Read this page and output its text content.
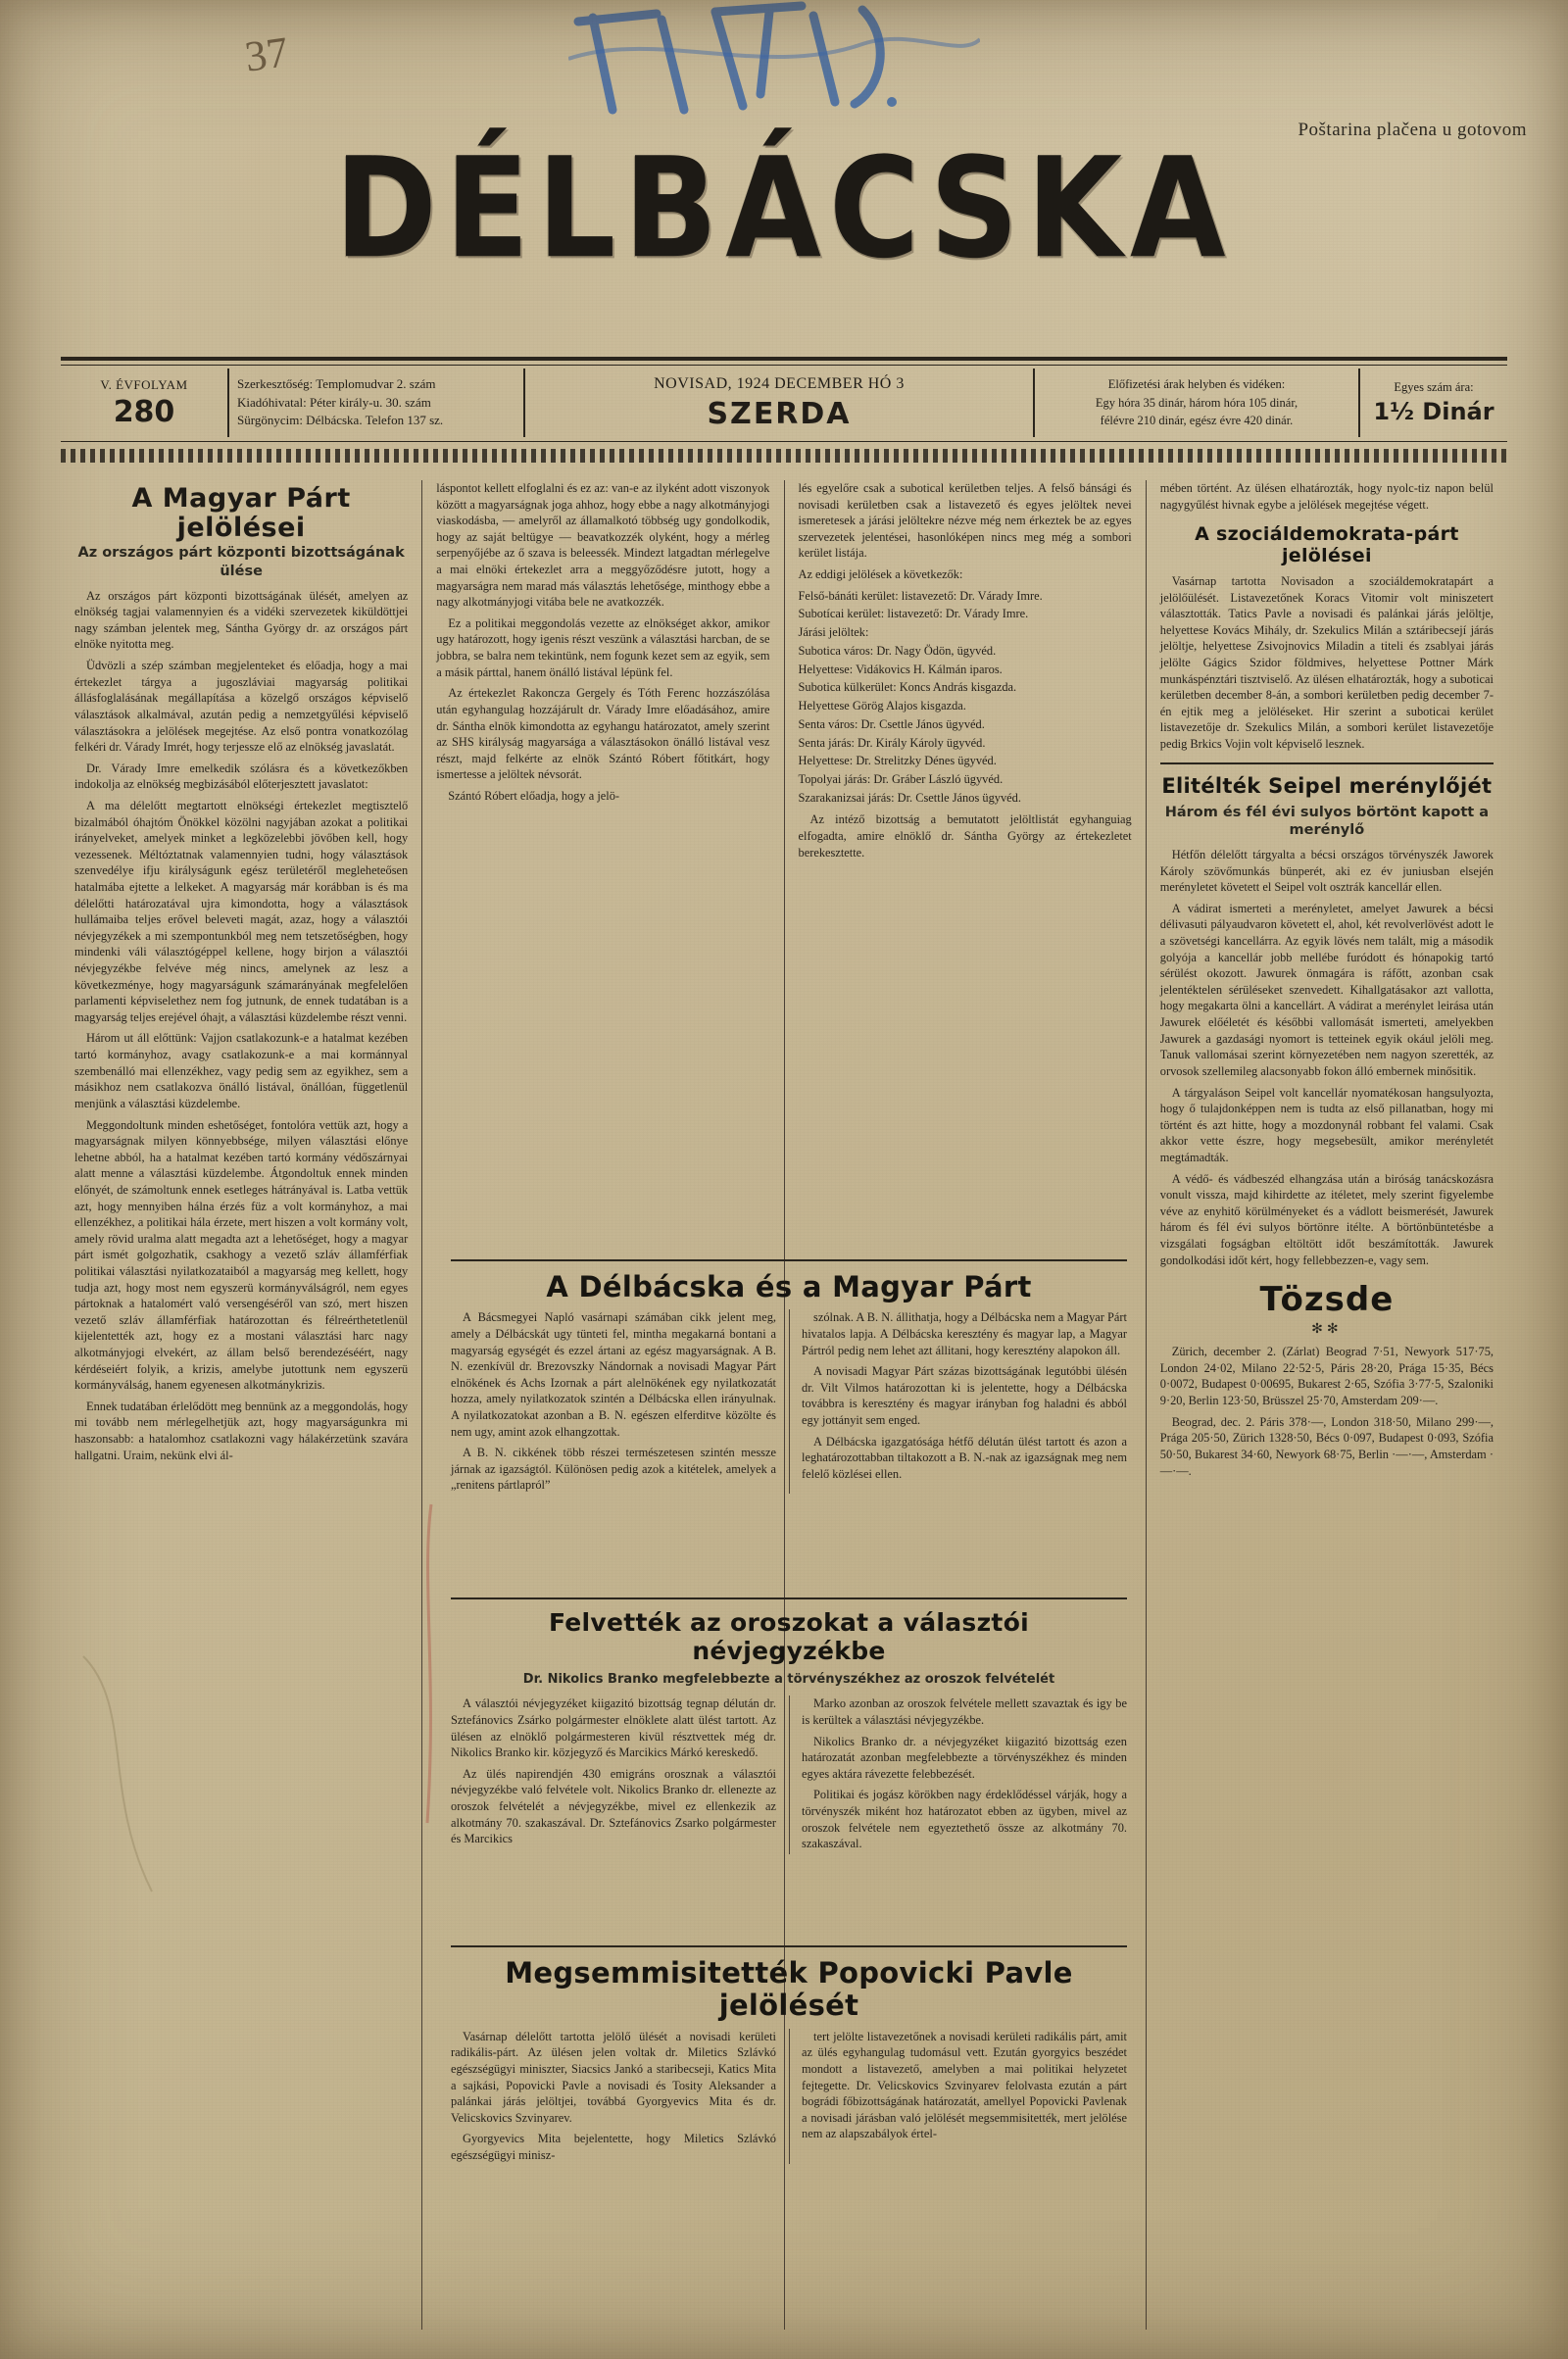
37
Poštarina plačena u gotovom
DÉLBÁCSKA
V. ÉVFOLYAM
280
Szerkesztőség: Templomudvar 2. szám
Kiadóhivatal: Péter király-u. 30. szám
Sürgönycim: Délbácska. Telefon 137 sz.
NOVISAD, 1924 DECEMBER HÓ 3
SZERDA
Előfizetési árak helyben és vidéken:
Egy hóra 35 dinár, három hóra 105 dinár,
félévre 210 dinár, egész évre 420 dinár.
Egyes szám ára:
1½ Dinár
A Magyar Párt jelölései
Az országos párt központi bizottságának ülése

Az országos párt központi bizottságának ülését, amelyen az elnökség tagjai valamennyien és a vidéki szervezetek kiküldöttjei nagy számban jelentek meg, Sántha György dr. az országos párt elnöke nyitotta meg.

Üdvözli a szép számban megjelenteket és előadja, hogy a mai értekezlet tárgya a jugoszláviai magyarság politikai állásfoglalásának megállapítása a közelgő országos képviselő választások alkalmával, azután pedig a nemzetgyűlési képviselő választásokra a jelölések megejtése. Az első pontra vonatkozólag felkéri dr. Várady Imrét, hogy terjessze elő az elnökség javaslatát.

Dr. Várady Imre emelkedik szólásra és a következőkben indokolja az elnökség megbizásából előterjesztett javaslatot:

A ma délelőtt megtartott elnökségi értekezlet megtisztelő bizalmából óhajtóm Önökkel közölni nagyjában azokat a politikai irányelveket, amelyek minket a legközelebbi jövőben kell, hogy vezessenek. Méltóztatnak valamennyien tudni, hogy választások szenvedélye ifju királyságunk egész területéről megleheteősen hatalmába ejtette a lelkeket. A magyarság már korábban is és ma délelőtti határozatával ujra kimondotta, hogy a választások hullámaiba teljes erővel beleveti magát, azaz, hogy a választói névjegyzékek a mi szempontunkból meg nem tetszetőségben, hogy mindenki váli választógéppel kellene, hogy birjon a választói névjegyzékbe felvéve még nincs, amelynek az lesz a következménye, hogy magyarságunk számarányának megfelelően parlamenti képviselethez nem fog jutnunk, de ennek tudatában is a magyarság teljes erejével óhajt, a választási küzdelembe részt venni.

Három ut áll előttünk: Vajjon csatlakozunk-e a hatalmat kezében tartó kormányhoz, avagy csatlakozunk-e a mai kormánnyal szembenálló mai ellenzékhez, vagy pedig sem az egyikhez, sem a másikhoz nem csatlakozva önálló listával, önállóan, függetlenül menjünk a választási küzdelembe.

Meggondoltunk minden eshetőséget, fontolóra vettük azt, hogy a magyarságnak milyen könnyebbsége, milyen választási előnye lehetne abból, ha a hatalmat kezében tartó kormány védőszárnyai alatt menne a választási küzdelembe. Átgondoltuk ennek minden előnyét, de számoltunk ennek esetleges hátrányával is. Latba vettük azt, hogy mennyiben hálna érzés füz a volt kormányhoz, a mai ellenzékhez, a politikai hála érzete, mert hiszen a volt kormány volt, amely rövid uralma alatt megadta azt a lehetőséget, hogy a magyar párt ismét golgozhatik, csakhogy a vezető szláv államférfiak politikai választási nyilatkozataiból a magyarság meg kellett, hogy tudja azt, hogy most nem egyszerü kormányválságról, nem egyes pártoknak a hatalomért való versengéséről van szó, mert hiszen vezető szláv államférfiak határozottan és félreérthetetlenül kijelentették azt, hogy ez a mostani választási harc nagy alkotmányjogi elvekért, az állam belső berendezéséért, nagy kérdéseiért folyik, a krizis, amelybe jutottunk nem egyszerü kormányválság, hanem egyenesen alkotmánykrizis.

Ennek tudatában érlelődött meg bennünk az a meggondolás, hogy mi tovább nem mérlegelhetjük azt, hogy magyarságunkra mi haszonsabb: a hatalomhoz csatlakozni vagy hálakérzetünk szavára hallgatni. Uraim, nekünk elvi ál-

láspontot kellett elfoglalni és ez az: van-e az ilyként adott viszonyok között a magyarságnak joga ahhoz, hogy ebbe a nagy alkotmányjogi viaskodásba, — amelyről az államalkotó többség ugy gondolkodik, hogy az saját beltügye — beavatkozzék olyként, hogy a mérleg serpenyőjébe az ő szava is beleessék. Mindezt latgadtan mérlegelve a mai elnöki értekezlet arra a meggyőződésre jutott, hogy a magyarságra nem marad más választás lehetősége, minthogy ebbe a nagy alkotmányjogi vitába bele ne avatkozzék.

Ez a politikai meggondolás vezette az elnökséget akkor, amikor ugy határozott, hogy igenis részt veszünk a választási harcban, de se jobbra, se balra nem tekintünk, nem fogunk kezet sem az egyik, sem a másik párttal, hanem önálló listával lépünk fel.

Az értekezlet Rakonczа Gergely és Tóth Ferenc hozzászólása után egyhangulag hozzájárult dr. Várady Imre előadásához, amire dr. Sántha elnök kimondotta az egyhangu határozatot, amely szerint az SHS királyság magyarsága a választásokon önálló listával vesz részt, majd felkérte az elnök Szántó Róbert főtitkárt, hogy ismertesse a jelöltek névsorát.

Szántó Róbert előadja, hogy a jelö-

lés egyelőre csak a subotical kerületben teljes. A felső bánsági és novisadi kerületben csak a listavezető és egyes jelöltek nevei ismeretesek a járási jelöltekre nézve még nem érkeztek be az egyes szervezetek jelentései, hasonlóképen nincs meg még a sombori kerület listája.

Az eddigi jelölések a következők:

Felső-bánáti kerület: listavezető: Dr. Várady Imre.

Subotícai kerület: listavezető: Dr. Várady Imre.

Járási jelöltek:

Subotica város: Dr. Nagy Ödön, ügyvéd.

Helyettese: Vidákovics H. Kálmán iparos.

Subotica külkerület: Koncs András kisgazda.

Helyettese Görög Alajos kisgazda.

Senta város: Dr. Csettle János ügyvéd.

Senta járás: Dr. Király Károly ügyvéd.

Helyettese: Dr. Strelitzky Dénes ügyvéd.

Topolyai járás: Dr. Gráber László ügyvéd.

Szarakanizsai járás: Dr. Csettle János ügyvéd.

Az intéző bizottság a bemutatott jelöltlistát egyhanguiag elfogadta, amire elnöklő dr. Sántha György az értekezletet berekesztette.

mében történt. Az ülésen elhatározták, hogy nyolc-tiz napon belül nagygyűlést hivnak egybe a jelölések megejtése végett.

A szociáldemokrata-párt jelölései

Vasárnap tartotta Novisadon a szociáldemokratapárt a jelölőülését. Listavezetőnek Koracs Vitomir volt miniszetert választották. Tatics Pavle a novisadi és palánkai járás jelöltje, helyettese Kovács Mihály, dr. Szekulics Milán a sztáribecsejí járás jelöltje, helyettese Zsivojnovics Miladin a titeli és zsablyai járás jelölte Gágics Szidor földmives, helyettese Pottner Márk munkáspénztári tisztviselő. Az ülésen elhatározták, hogy a suboticai kerületben december 8-án, a sombori kerületben pedig december 7-én ejtik meg a jelöléseket. Hir szerint a suboticai kerület listavezetője dr. Szekulics Milán, a sombori kerület listavezetője pedig Brkics Vojin volt képviselő lesznek.

Elitélték Seipel merénylőjét
Három és fél évi sulyos börtönt kapott a merénylő

Hétfőn délelőtt tárgyalta a bécsi országos törvényszék Jaworek Károly szövőmunkás bünperét, aki ez év juniusban elsején merényletet követett el Seipel volt osztrák kancellár ellen.

A vádirat ismerteti a merényletet, amelyet Jawurek a bécsi délivasuti pályaudvaron követett el, ahol, két revolverlövést adott le a szövetségi kancellárra. Az egyik lövés nem talált, mig a második golyója a kancellár jobb mellébe furódott és hónapokig tartó sérülést okozott. Jawurek önmagára is ráfőtt, azonban csak jelentéktelen sérüléseket szenvedett. Kihallgatásakor azt vallotta, hogy megakarta ölni a kancellárt. A vádirat a merénylet leirása után Jawurek előéletét és későbbi vallomását ismerteti, amelyekben Jawurek a gazdasági nyomort is tetteinek egyik okául jelöli meg. Tanuk vallomásai szerint környezetében nem nagyon szerették, az orvosok szellemileg alacsonyabb fokon álló embernek minősitik.

A tárgyaláson Seipel volt kancellár nyomatékosan hangsulyozta, hogy ő tulajdonképpen nem is tudta az első pillanatban, hogy mi történt és azt hitte, hogy a mozdonynál robbant fel valami. Csak akkor vette észre, hogy megsebesült, amikor merényletét megtámadták.

A védő- és vádbeszéd elhangzása után a biróság tanácskozásra vonult vissza, majd kihirdette az itéletet, mely szerint figyelembe véve az enyhitő körülményeket és a vádlott beismerését, Jawurek három és fél évi sulyos börtönre itéltе. A börtönbüntetésbe a vizsgálati fogságban eltöltött időt beszámították. Jawurek gondolkodási időt kért, hogy fellebbezzen-e, vagy sem.

Tözsde
✻✻

Zürich, december 2. (Zárlat) Beograd 7·51, Newyork 517·75, London 24·02, Milano 22·52·5, Páris 28·20, Prága 15·35, Bécs 0·0072, Budapest 0·00695, Bukarest 2·65, Szófia 3·77·5, Szaloniki 9·20, Berlin 123·50, Brüsszel 25·70, Amsterdam 209·—.

Beograd, dec. 2. Páris 378·—, London 318·50, Milano 299·—, Prága 205·50, Zürich 1328·50, Bécs 0·097, Budapest 0·093, Szófia 50·50, Bukarest 34·60, Newyork 68·75, Berlin ·—·—, Amsterdam ·—·—.

A Délbácska és a Magyar Párt

A Bácsmegyei Napló vasárnapi számában cikk jelent meg, amely a Délbácskát ugy tünteti fel, mintha megakarná bontani a magyarság egységét és ezzel ártani az egész magyarságnak. A B. N. ezenkívül dr. Brezovszky Nándornak a novisadi Magyar Párt elnökének és Achs Izornak a párt alelnökének egy nyilatkozatát hozza, amely nyilatkozatok szintén a Délbácska ellen irányulnak. A nyilatkozatokat azonban a B. N. egészen elferditve közölte és nem ugy, amint azok elhangzottak.

A B. N. cikkének több részei természetesen szintén messze járnak az igazságtól. Különösen pedig azok a kitételek, amelyek a „renitens pártlapról”

szólnak. A B. N. állithatja, hogy a Délbácska nem a Magyar Párt hivatalos lapja. A Délbácska keresztény és magyar lap, a Magyar Pártról pedig nem lehet azt állitani, hogy keresztény alapokon áll.

A novisadi Magyar Párt százas bizottságának legutóbbi ülésén dr. Vilt Vilmos határozottan ki is jelentette, hogy a Délbácska továbbra is keresztény és magyar irányban fog haladni és abból egy jottányit sem enged.

A Délbácska igazgatósága hétfő délután ülést tartott és azon a leghatározottabban tiltakozott a B. N.-nak az igazságnak meg nem felelő közlései ellen.

Felvették az oroszokat a választói névjegyzékbe
Dr. Nikolics Branko megfelebbezte a törvényszékhez az oroszok felvételét

A választói névjegyzéket kiigazitó bizottság tegnap délután dr. Sztefánovics Zsárko polgármester elnöklete alatt ülést tartott. Az ülésen az elnöklő polgármesteren kivül résztvettek még dr. Nikolics Branko kir. közjegyző és Marcikics Márkó kereskedő.

Az ülés napirendjén 430 emigráns orosznak a választói névjegyzékbe való felvétele volt. Nikolics Branko dr. ellenezte az oroszok felvételét a névjegyzékbe, mivel ez ellenkezik az alkotmány 70. szakaszával. Dr. Sztefánovics Zsarko polgármester és Marcikics

Marko azonban az oroszok felvétele mellett szavaztak és igy be is kerültek a választási névjegyzékbe.

Nikolics Branko dr. a névjegyzéket kiigazitó bizottság ezen határozatát azonban megfelebbezte a törvényszékhez és minden egyes aktára rávezette felebbezését.

Politikai és jogász körökben nagy érdeklődéssel várják, hogy a törvényszék miként hoz határozatot ebben az ügyben, mivel az oroszok felvétele nem egyeztethető össze az alkotmány 70. szakaszával.

Megsemmisitették Popovicki Pavle jelölését

Vasárnap délelőtt tartotta jelölő ülését a novisadi kerületi radikális-párt. Az ülésen jelen voltak dr. Miletics Szlávkó egészségügyi miniszter, Siacsics Jankó a staribecseji, Katics Mita a sajkási, Popovicki Pavle a novisadi és Tosity Aleksander a palánkai járás jelöltjei, továbbá Gyorgyevics Mita és dr. Velicskovics Szvinyarev.

Gyorgyevics Mita bejelentette, hogy Miletics Szlávkó egészségügyi minisz-

tert jelölte listavezetőnek a novisadi kerületi radikális párt, amit az ülés egyhangulag tudomásul vett. Ezután gyorgyics beszédet mondott a listavezető, amelyben a mai politikai helyzetet fejtegette. Dr. Velicskovics Szvinyarev felolvasta ezután a párt bográdi főbizottságának határozatát, amellyel Popovicki Pavlenak a novisadi járásban való jelölését megsemmisitették, mert jelölése nem az alapszabályok értel-
